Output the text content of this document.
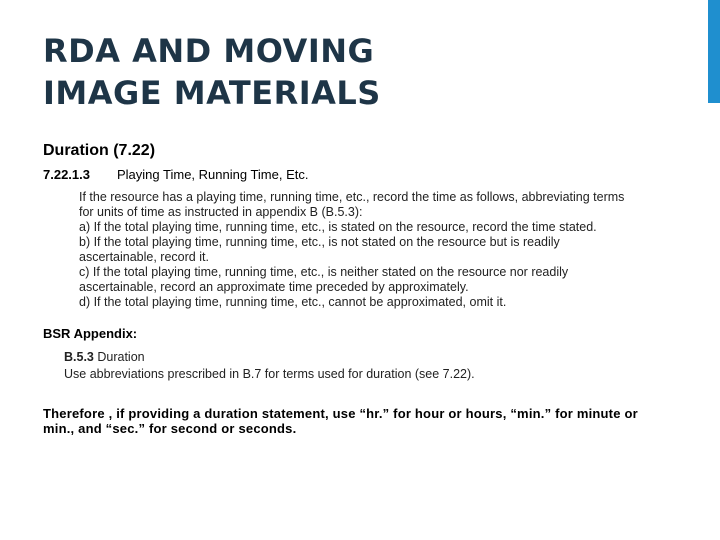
RDA AND MOVING
IMAGE MATERIALS
Duration (7.22)
7.22.1.3 Playing Time, Running Time, Etc.

If the resource has a playing time, running time, etc., record the time as follows, abbreviating terms for units of time as instructed in appendix B (B.5.3):

a) If the total playing time, running time, etc., is stated on the resource, record the time stated.

b) If the total playing time, running time, etc., is not stated on the resource but is readily ascertainable, record it.

c) If the total playing time, running time, etc., is neither stated on the resource nor readily ascertainable, record an approximate time preceded by approximately.

d) If the total playing time, running time, etc., cannot be approximated, omit it.

BSR Appendix:

B.5.3 Duration

Use abbreviations prescribed in B.7 for terms used for duration (see 7.22).

Therefore , if providing a duration statement, use “hr.” for hour or hours, “min.” for minute or min., and “sec.” for second or seconds.
